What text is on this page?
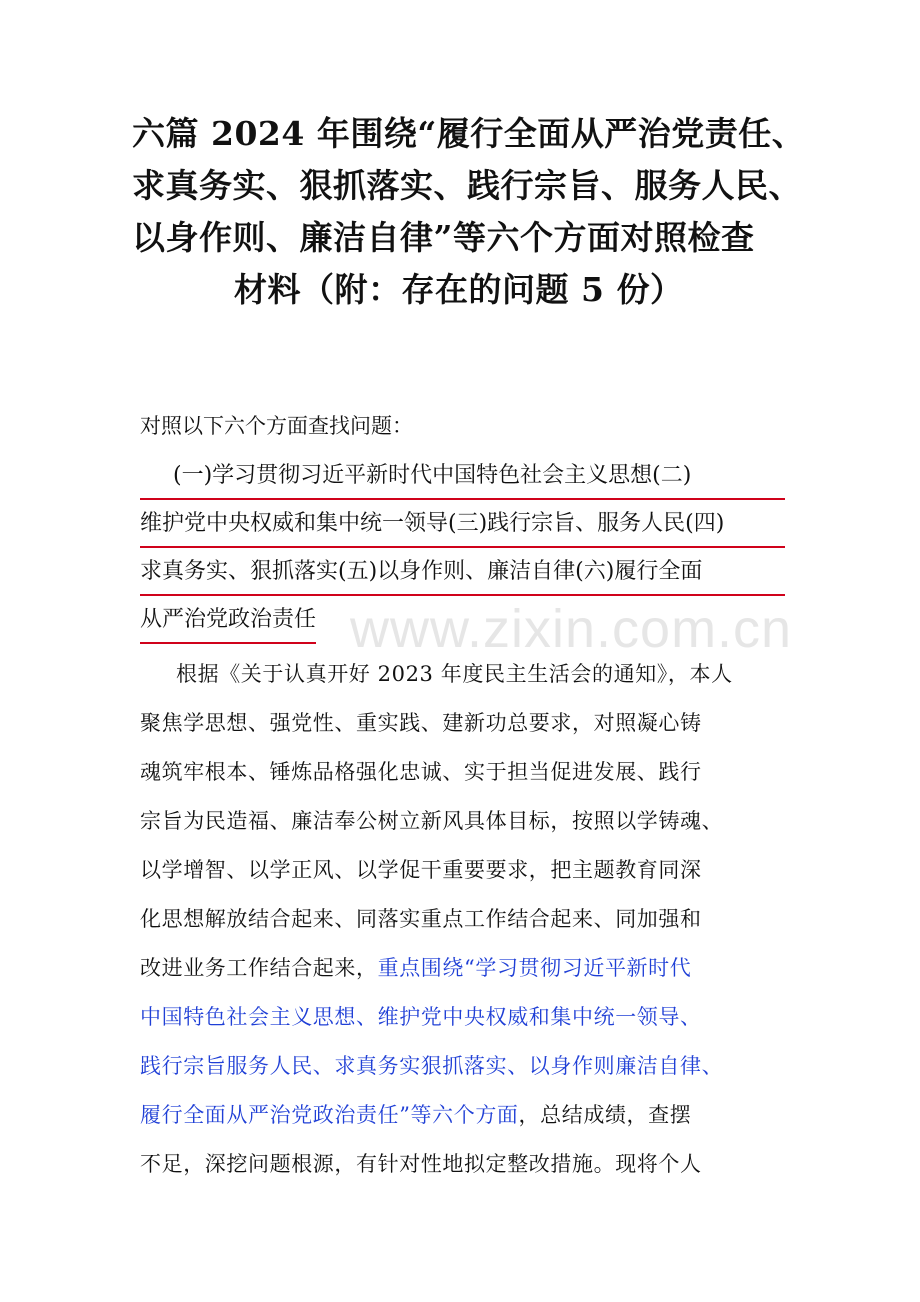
六篇 2024 年围绕“履行全面从严治党责任、
求真务实、狠抓落实、践行宗旨、服务人民、
以身作则、廉洁自律”等六个方面对照检查
材料（附：存在的问题 5 份）
对照以下六个方面查找问题：
(一)学习贯彻习近平新时代中国特色社会主义思想(二)
维护党中央权威和集中统一领导(三)践行宗旨、服务人民(四)
求真务实、狠抓落实(五)以身作则、廉洁自律(六)履行全面
从严治党政治责任 www.zixin.com.cn
根据《关于认真开好 2023 年度民主生活会的通知》，本人
聚焦学思想、强党性、重实践、建新功总要求，对照凝心铸
魂筑牢根本、锤炼品格强化忠诚、实于担当促进发展、践行
宗旨为民造福、廉洁奉公树立新风具体目标，按照以学铸魂、
以学增智、以学正风、以学促干重要要求，把主题教育同深
化思想解放结合起来、同落实重点工作结合起来、同加强和
改进业务工作结合起来，重点围绕“学习贯彻习近平新时代
中国特色社会主义思想、维护党中央权威和集中统一领导、
践行宗旨服务人民、求真务实狠抓落实、以身作则廉洁自律、
履行全面从严治党政治责任”等六个方面，总结成绩，查摆
不足，深挖问题根源，有针对性地拟定整改措施。现将个人
